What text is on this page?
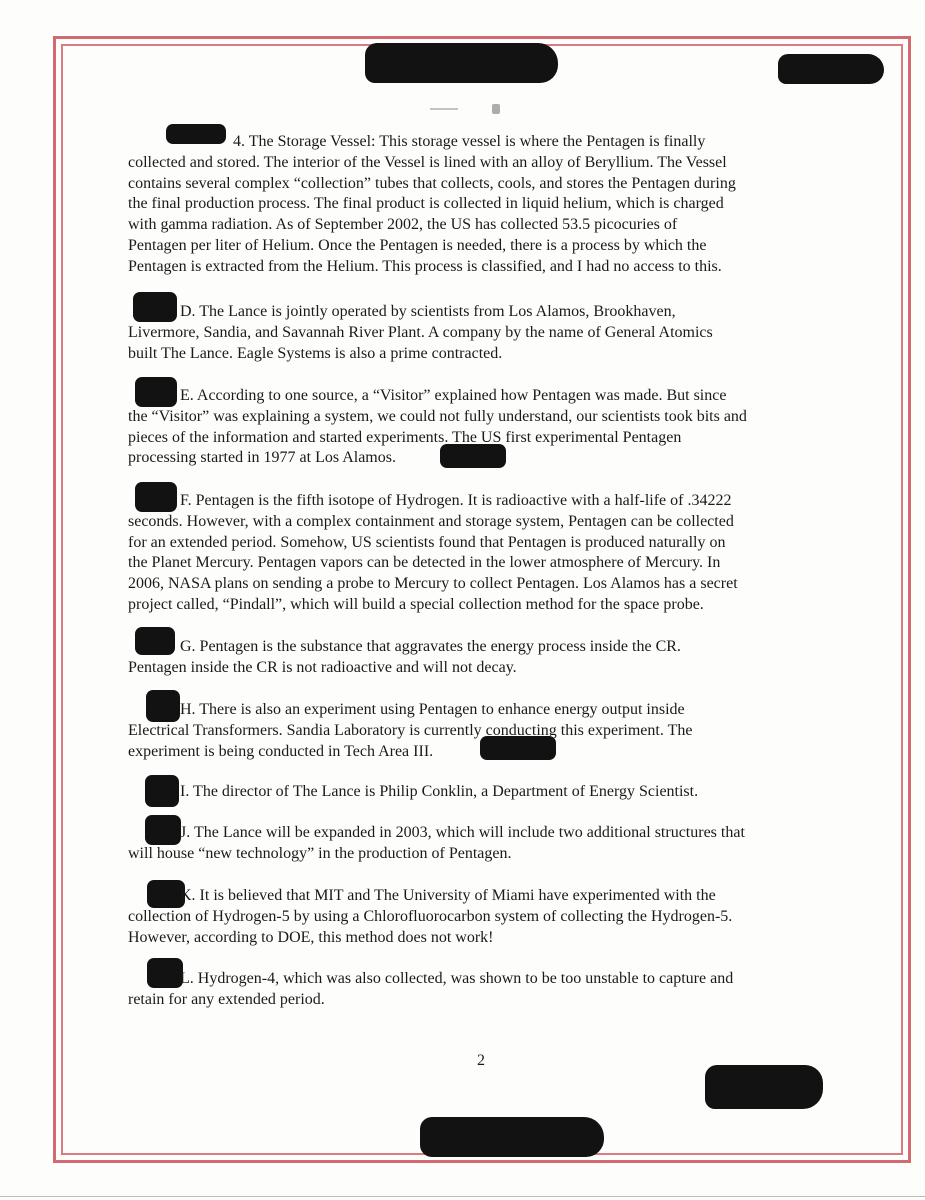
4. The Storage Vessel: This storage vessel is where the Pentagen is finally
collected and stored. The interior of the Vessel is lined with an alloy of Beryllium. The Vessel
contains several complex “collection” tubes that collects, cools, and stores the Pentagen during
the final production process. The final product is collected in liquid helium, which is charged
with gamma radiation. As of September 2002, the US has collected 53.5 picocuries of
Pentagen per liter of Helium. Once the Pentagen is needed, there is a process by which the
Pentagen is extracted from the Helium. This process is classified, and I had no access to this.
D. The Lance is jointly operated by scientists from Los Alamos, Brookhaven,
Livermore, Sandia, and Savannah River Plant. A company by the name of General Atomics
built The Lance. Eagle Systems is also a prime contracted.
E. According to one source, a “Visitor” explained how Pentagen was made. But since
the “Visitor” was explaining a system, we could not fully understand, our scientists took bits and
pieces of the information and started experiments. The US first experimental Pentagen
processing started in 1977 at Los Alamos.
F. Pentagen is the fifth isotope of Hydrogen. It is radioactive with a half-life of .34222
seconds. However, with a complex containment and storage system, Pentagen can be collected
for an extended period. Somehow, US scientists found that Pentagen is produced naturally on
the Planet Mercury. Pentagen vapors can be detected in the lower atmosphere of Mercury. In
2006, NASA plans on sending a probe to Mercury to collect Pentagen. Los Alamos has a secret
project called, “Pindall”, which will build a special collection method for the space probe.
G. Pentagen is the substance that aggravates the energy process inside the CR.
Pentagen inside the CR is not radioactive and will not decay.
H. There is also an experiment using Pentagen to enhance energy output inside
Electrical Transformers. Sandia Laboratory is currently conducting this experiment. The
experiment is being conducted in Tech Area III.
I. The director of The Lance is Philip Conklin, a Department of Energy Scientist.
J. The Lance will be expanded in 2003, which will include two additional structures that
will house “new technology” in the production of Pentagen.
K. It is believed that MIT and The University of Miami have experimented with the
collection of Hydrogen-5 by using a Chlorofluorocarbon system of collecting the Hydrogen-5.
However, according to DOE, this method does not work!
L. Hydrogen-4, which was also collected, was shown to be too unstable to capture and
retain for any extended period.
2
